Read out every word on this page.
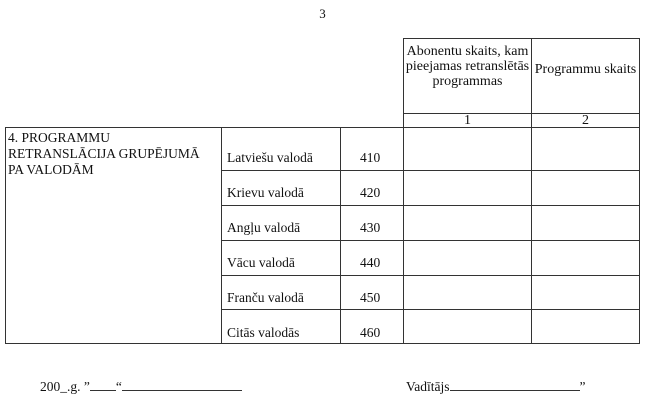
3
Abonentu skaits, kam pieejamas retranslētās programmas
Programmu skaits
1	2
4. PROGRAMMU RETRANSLĀCIJA GRUPĒJUMĀ PA VALODĀM
Latviešu valodā	410
Krievu valodā	420
Angļu valodā	430
Vācu valodā	440
Franču valodā	450
Citās valodās	460
200_.g. ” “	Vadītājs	”
